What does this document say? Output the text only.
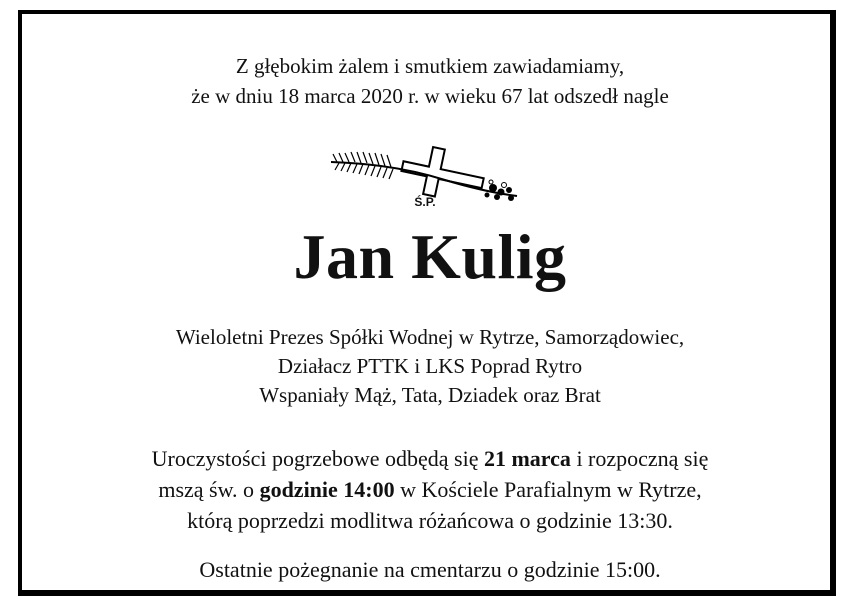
Z głębokim żalem i smutkiem zawiadamiamy,
że w dniu 18 marca 2020 r. w wieku 67 lat odszedł nagle
Ś.P.
Jan Kulig
Wieloletni Prezes Spółki Wodnej w Rytrze, Samorządowiec,
Działacz PTTK i LKS Poprad Rytro
Wspaniały Mąż, Tata, Dziadek oraz Brat
Uroczystości pogrzebowe odbędą się 21 marca i rozpoczną się
mszą św. o godzinie 14:00 w Kościele Parafialnym w Rytrze,
którą poprzedzi modlitwa różańcowa o godzinie 13:30.
Ostatnie pożegnanie na cmentarzu o godzinie 15:00.
